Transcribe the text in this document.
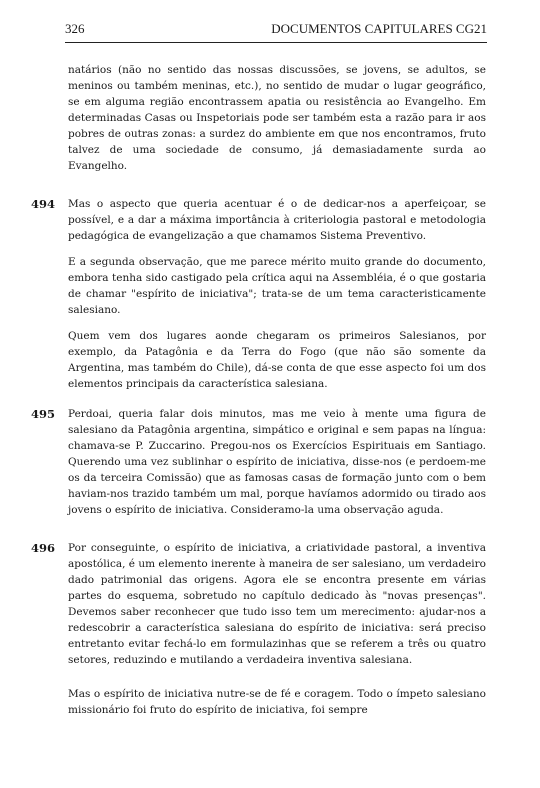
326	DOCUMENTOS CAPITULARES CG21

natários (não no sentido das nossas discussões, se jovens, se adultos, se meninos ou também meninas, etc.), no sentido de mudar o lugar geográfico, se em alguma região encontrassem apatia ou resistência ao Evangelho. Em determinadas Casas ou Inspetoriais pode ser também esta a razão para ir aos pobres de outras zonas: a surdez do ambiente em que nos encontramos, fruto talvez de uma sociedade de consumo, já demasiadamente surda ao Evangelho.

494 Mas o aspecto que queria acentuar é o de dedicar-nos a aperfeiçoar, se possível, e a dar a máxima importância à criteriologia pastoral e metodologia pedagógica de evangelização a que chamamos Sistema Preventivo.

E a segunda observação, que me parece mérito muito grande do documento, embora tenha sido castigado pela crítica aqui na Assembléia, é o que gostaria de chamar "espírito de iniciativa"; trata-se de um tema caracteristicamente salesiano.

Quem vem dos lugares aonde chegaram os primeiros Salesianos, por exemplo, da Patagônia e da Terra do Fogo (que não são somente da Argentina, mas também do Chile), dá-se conta de que esse aspecto foi um dos elementos principais da característica salesiana.

495 Perdoai, queria falar dois minutos, mas me veio à mente uma figura de salesiano da Patagônia argentina, simpático e original e sem papas na língua: chamava-se P. Zuccarino. Pregou-nos os Exercícios Espirituais em Santiago. Querendo uma vez sublinhar o espírito de iniciativa, disse-nos (e perdoem-me os da terceira Comissão) que as famosas casas de formação junto com o bem haviam-nos trazido também um mal, porque havíamos adormido ou tirado aos jovens o espírito de iniciativa. Consideramo-la uma observação aguda.

496 Por conseguinte, o espírito de iniciativa, a criatividade pastoral, a inventiva apostólica, é um elemento inerente à maneira de ser salesiano, um verdadeiro dado patrimonial das origens. Agora ele se encontra presente em várias partes do esquema, sobretudo no capítulo dedicado às "novas presenças". Devemos saber reconhecer que tudo isso tem um merecimento: ajudar-nos a redescobrir a característica salesiana do espírito de iniciativa: será preciso entretanto evitar fechá-lo em formulazinhas que se referem a três ou quatro setores, reduzindo e mutilando a verdadeira inventiva salesiana.

Mas o espírito de iniciativa nutre-se de fé e coragem. Todo o ímpeto salesiano missionário foi fruto do espírito de iniciativa, foi sempre
